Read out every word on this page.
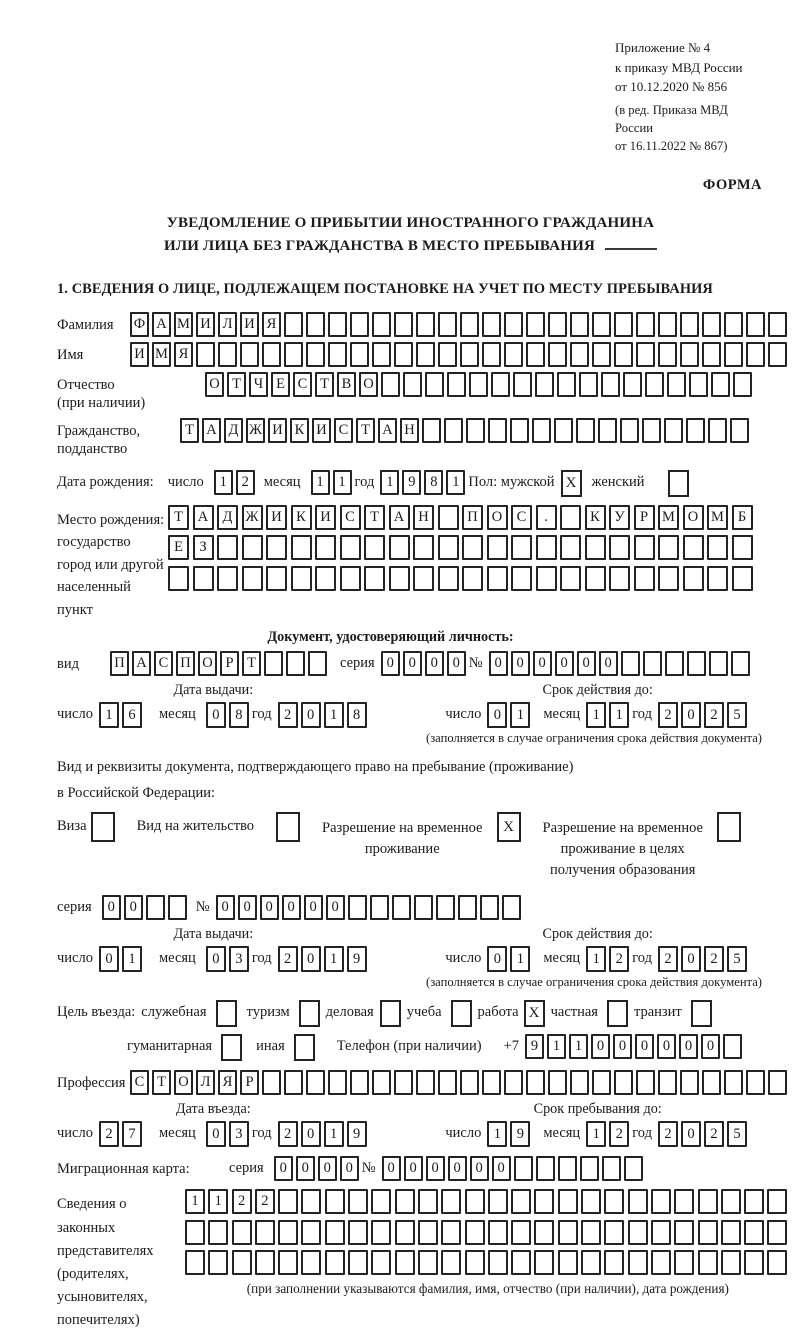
Приложение № 4
к приказу МВД России
от 10.12.2020 № 856
(в ред. Приказа МВД России
от 16.11.2022 № 867)
ФОРМА
УВЕДОМЛЕНИЕ О ПРИБЫТИИ ИНОСТРАННОГО ГРАЖДАНИНА
ИЛИ ЛИЦА БЕЗ ГРАЖДАНСТВА В МЕСТО ПРЕБЫВАНИЯ
1. СВЕДЕНИЯ О ЛИЦЕ, ПОДЛЕЖАЩЕМ ПОСТАНОВКЕ НА УЧЕТ ПО МЕСТУ ПРЕБЫВАНИЯ
Фамилия	Ф А М И Л И Я
Имя	И М Я
Отчество
(при наличии)
О Т Ч Е С Т В О
Гражданство,
подданство
Т А Д Ж И К И С Т А Н
Дата рождения: число	1	2	месяц	1	1 год 1	9	8	1 Пол: мужской X	женский
Место рождения:
государство
город или другой
населенный пункт
Т	А Д Ж И К И С	Т	А Н	П О С	.	К	У	Р М О М Б
Е	З
Документ, удостоверяющий личность:
вид	П А С П О Р Т	серия 0	0	0	0 № 0	0	0	0	0	0
Дата выдачи:
число 1	6	месяц	0	8 год 2	0	1	8
Срок действия до:
число 0	1	месяц 1	1 год 2	0	2	5
(заполняется в случае ограничения срока действия документа)
Вид и реквизиты документа, подтверждающего право на пребывание (проживание)
в Российской Федерации:
Виза	Вид на жительство	Разрешение на временное
проживание
X	Разрешение на временное
проживание в целях
получения образования
серия	0	0	№ 0	0	0	0	0	0
Дата выдачи:
число 0	1	месяц	0	3 год 2	0	1	9
Срок действия до:
число 0	1	месяц 1	2 год 2	0	2	5
(заполняется в случае ограничения срока действия документа)
Цель въезда: служебная	туризм деловая учеба работа X частная транзит
гуманитарная	иная	Телефон (при наличии) +7 9	1	1	0	0	0	0	0	0
Профессия С Т О Л Я Р
Дата въезда:
число 2	7	месяц	0	3 год 2	0	1	9
Срок пребывания до:
число 1	9	месяц 1	2 год 2	0	2	5
Миграционная карта:	серия	0	0	0	0 № 0	0	0	0	0	0
Сведения о
законных
представителях
(родителях,
усыновителях,
попечителях)
1	1	2	2
(при заполнении указываются фамилия, имя, отчество (при наличии), дата рождения)
